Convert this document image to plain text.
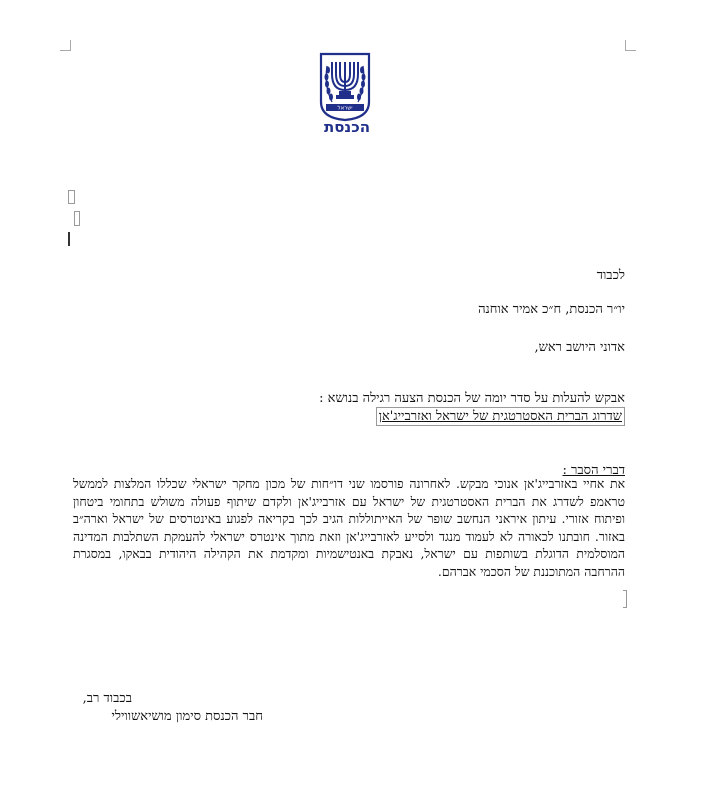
ישראל
הכנסת
לכבוד
יו״ר הכנסת, ח״כ אמיר אוחנה
אדוני היושב ראש,
אבקש להעלות על סדר יומה של הכנסת הצעה רגילה בנושא :
שדרוג הברית האסטרטגית של ישראל ואזרבייג'אן
דברי הסבר :
את אחיי באזרבייג'אן אנוכי מבקש. לאחרונה פורסמו שני דו״חות של מכון מחקר ישראלי שכללו המלצות לממשל טראמפ לשדרג את הברית האסטרטגית של ישראל עם אזרבייג'אן ולקדם שיתוף פעולה משולש בתחומי ביטחון ופיתוח אזורי. עיתון איראני הנחשב שופר של האייתוללות הגיב לכך בקריאה לפגוע באינטרסים של ישראל וארה״ב באזור. חובתנו לכאורה לא לעמוד מנגד ולסייע לאזרבייג'אן וזאת מתוך אינטרס ישראלי להעמקת השתלבות המדינה המוסלמית הדוגלת בשותפות עם ישראל, נאבקת באנטישמיות ומקדמת את הקהילה היהודית בבאקו, במסגרת ההרחבה המתוכננת של הסכמי אברהם.
בכבוד רב,
חבר הכנסת סימון מושיאשווילי
